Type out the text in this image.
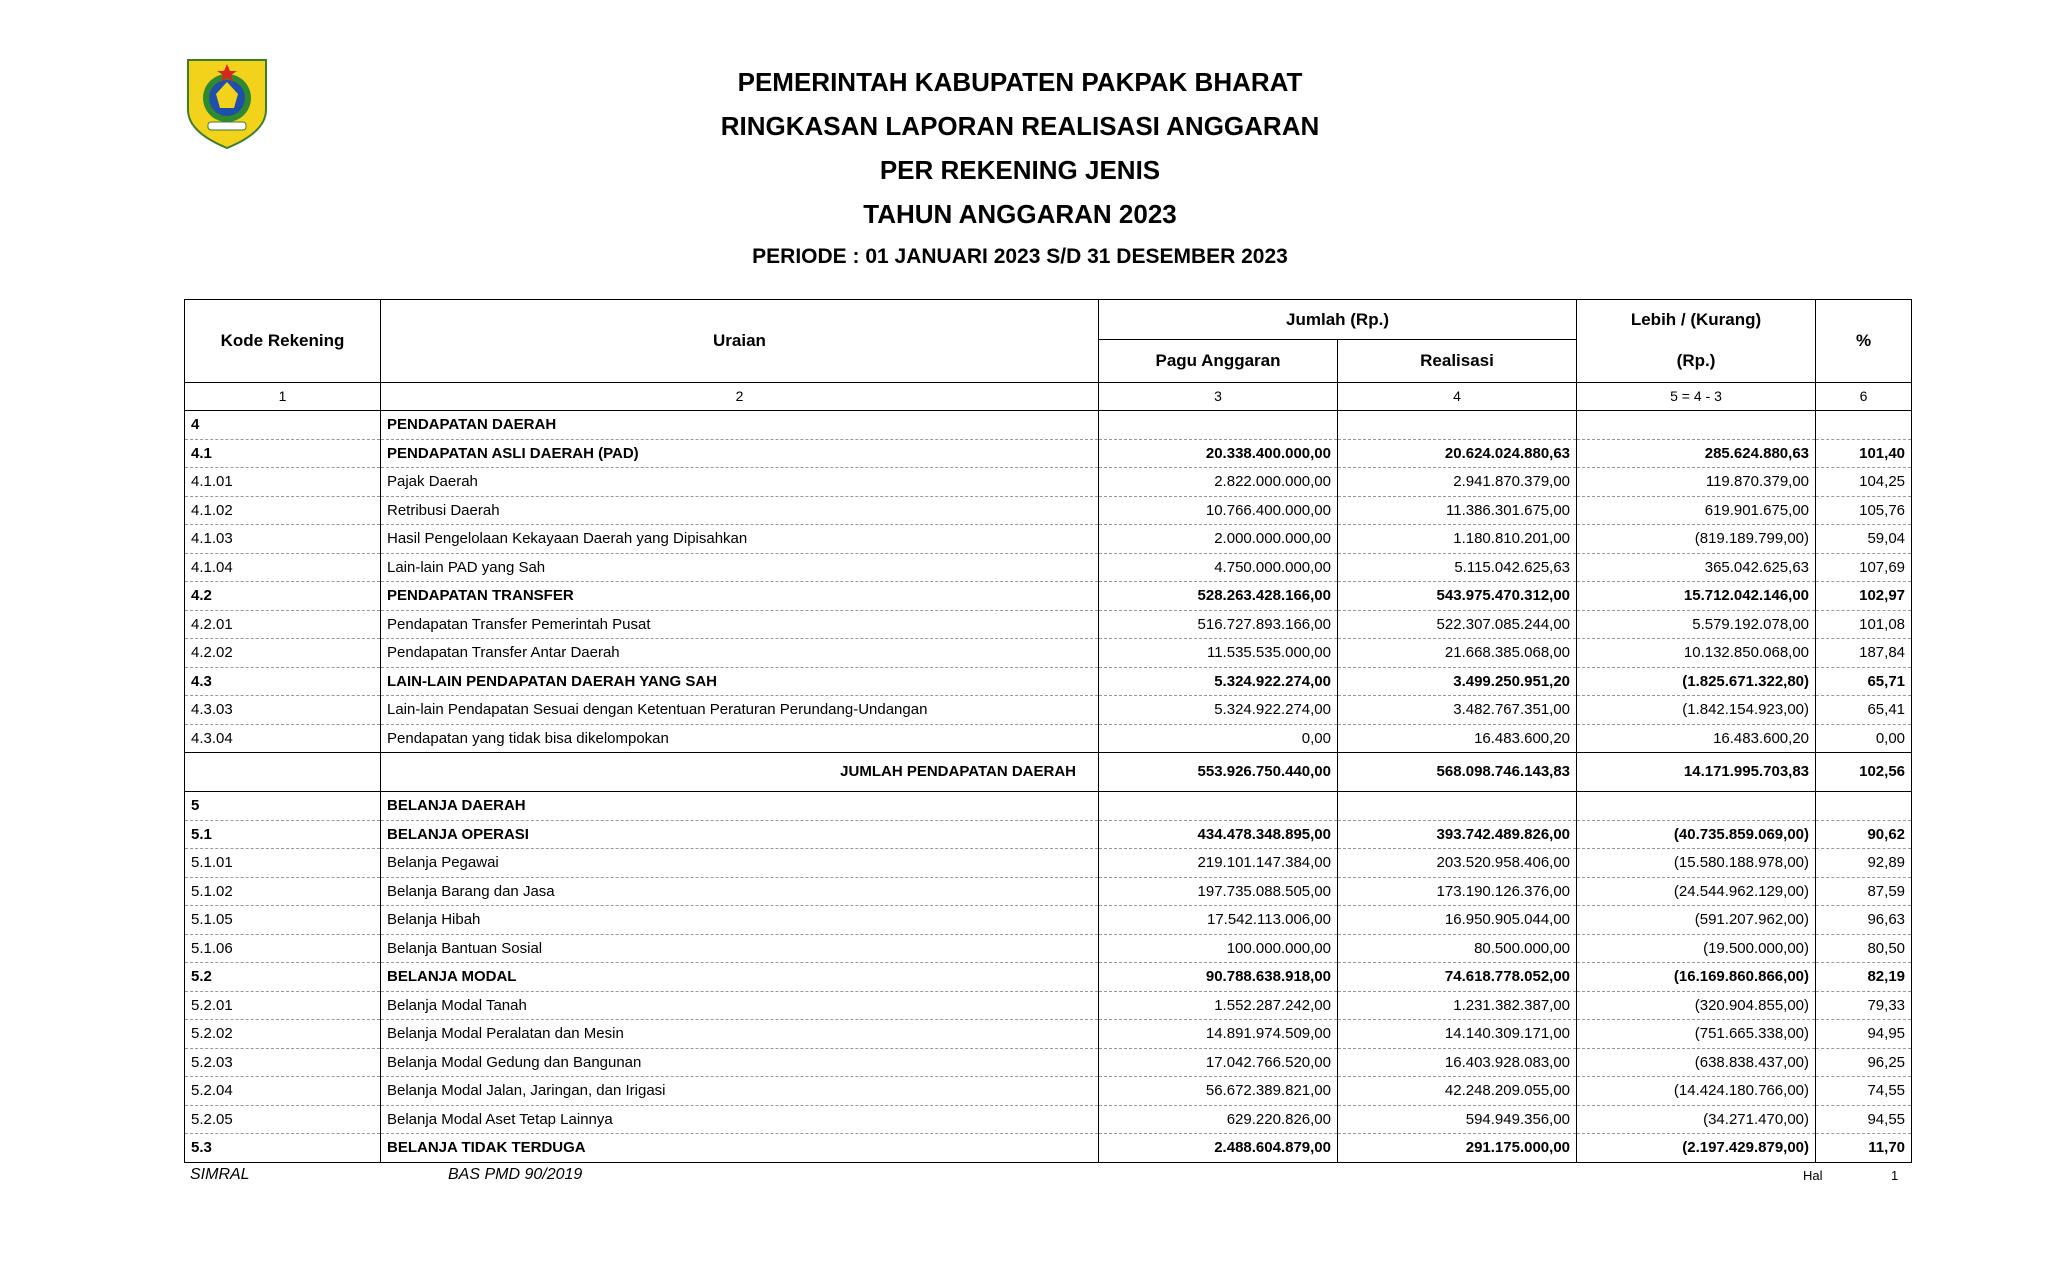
PEMERINTAH KABUPATEN PAKPAK BHARAT
RINGKASAN LAPORAN REALISASI ANGGARAN
PER REKENING JENIS
TAHUN ANGGARAN 2023
PERIODE : 01 JANUARI 2023 S/D 31 DESEMBER 2023
Kode Rekening	Uraian	Jumlah (Rp.)		Lebih / (Kurang)	%
		Pagu Anggaran	Realisasi	(Rp.)	
1	2	3	4	5 = 4 - 3	6
4	PENDAPATAN DAERAH				
4.1	PENDAPATAN ASLI DAERAH (PAD)	20.338.400.000,00	20.624.024.880,63	285.624.880,63	101,40
4.1.01	Pajak Daerah	2.822.000.000,00	2.941.870.379,00	119.870.379,00	104,25
4.1.02	Retribusi Daerah	10.766.400.000,00	11.386.301.675,00	619.901.675,00	105,76
4.1.03	Hasil Pengelolaan Kekayaan Daerah yang Dipisahkan	2.000.000.000,00	1.180.810.201,00	(819.189.799,00)	59,04
4.1.04	Lain-lain PAD yang Sah	4.750.000.000,00	5.115.042.625,63	365.042.625,63	107,69
4.2	PENDAPATAN TRANSFER	528.263.428.166,00	543.975.470.312,00	15.712.042.146,00	102,97
4.2.01	Pendapatan Transfer Pemerintah Pusat	516.727.893.166,00	522.307.085.244,00	5.579.192.078,00	101,08
4.2.02	Pendapatan Transfer Antar Daerah	11.535.535.000,00	21.668.385.068,00	10.132.850.068,00	187,84
4.3	LAIN-LAIN PENDAPATAN DAERAH YANG SAH	5.324.922.274,00	3.499.250.951,20	(1.825.671.322,80)	65,71
4.3.03	Lain-lain Pendapatan Sesuai dengan Ketentuan Peraturan Perundang-Undangan	5.324.922.274,00	3.482.767.351,00	(1.842.154.923,00)	65,41
4.3.04	Pendapatan yang tidak bisa dikelompokan	0,00	16.483.600,20	16.483.600,20	0,00
	JUMLAH PENDAPATAN DAERAH	553.926.750.440,00	568.098.746.143,83	14.171.995.703,83	102,56
5	BELANJA DAERAH				
5.1	BELANJA OPERASI	434.478.348.895,00	393.742.489.826,00	(40.735.859.069,00)	90,62
5.1.01	Belanja Pegawai	219.101.147.384,00	203.520.958.406,00	(15.580.188.978,00)	92,89
5.1.02	Belanja Barang dan Jasa	197.735.088.505,00	173.190.126.376,00	(24.544.962.129,00)	87,59
5.1.05	Belanja Hibah	17.542.113.006,00	16.950.905.044,00	(591.207.962,00)	96,63
5.1.06	Belanja Bantuan Sosial	100.000.000,00	80.500.000,00	(19.500.000,00)	80,50
5.2	BELANJA MODAL	90.788.638.918,00	74.618.778.052,00	(16.169.860.866,00)	82,19
5.2.01	Belanja Modal Tanah	1.552.287.242,00	1.231.382.387,00	(320.904.855,00)	79,33
5.2.02	Belanja Modal Peralatan dan Mesin	14.891.974.509,00	14.140.309.171,00	(751.665.338,00)	94,95
5.2.03	Belanja Modal Gedung dan Bangunan	17.042.766.520,00	16.403.928.083,00	(638.838.437,00)	96,25
5.2.04	Belanja Modal Jalan, Jaringan, dan Irigasi	56.672.389.821,00	42.248.209.055,00	(14.424.180.766,00)	74,55
5.2.05	Belanja Modal Aset Tetap Lainnya	629.220.826,00	594.949.356,00	(34.271.470,00)	94,55
5.3	BELANJA TIDAK TERDUGA	2.488.604.879,00	291.175.000,00	(2.197.429.879,00)	11,70
SIMRAL	BAS PMD 90/2019	Hal	1
